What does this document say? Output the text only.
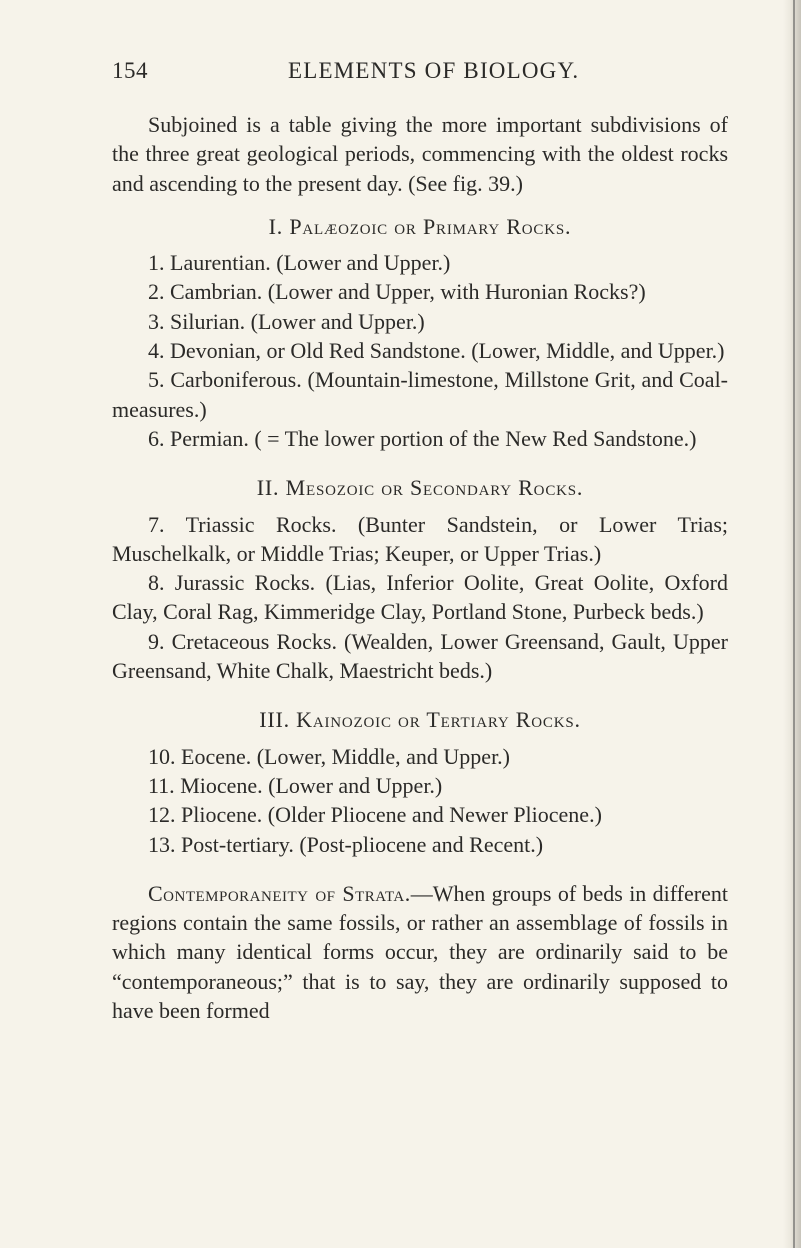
154	ELEMENTS OF BIOLOGY.

Subjoined is a table giving the more important subdivisions of the three great geological periods, commencing with the oldest rocks and ascending to the present day. (See fig. 39.)

I. Palæozoic or Primary Rocks.

1. Laurentian. (Lower and Upper.)

2. Cambrian. (Lower and Upper, with Huronian Rocks?)

3. Silurian. (Lower and Upper.)

4. Devonian, or Old Red Sandstone. (Lower, Middle, and Upper.)

5. Carboniferous. (Mountain-limestone, Millstone Grit, and Coal-measures.)

6. Permian. ( = The lower portion of the New Red Sandstone.)

II. Mesozoic or Secondary Rocks.

7. Triassic Rocks. (Bunter Sandstein, or Lower Trias; Muschelkalk, or Middle Trias; Keuper, or Upper Trias.)

8. Jurassic Rocks. (Lias, Inferior Oolite, Great Oolite, Oxford Clay, Coral Rag, Kimmeridge Clay, Portland Stone, Purbeck beds.)

9. Cretaceous Rocks. (Wealden, Lower Greensand, Gault, Upper Greensand, White Chalk, Maestricht beds.)

III. Kainozoic or Tertiary Rocks.

10. Eocene. (Lower, Middle, and Upper.)

11. Miocene. (Lower and Upper.)

12. Pliocene. (Older Pliocene and Newer Pliocene.)

13. Post-tertiary. (Post-pliocene and Recent.)

Contemporaneity of Strata.—When groups of beds in different regions contain the same fossils, or rather an assemblage of fossils in which many identical forms occur, they are ordinarily said to be “contemporaneous;” that is to say, they are ordinarily supposed to have been formed
